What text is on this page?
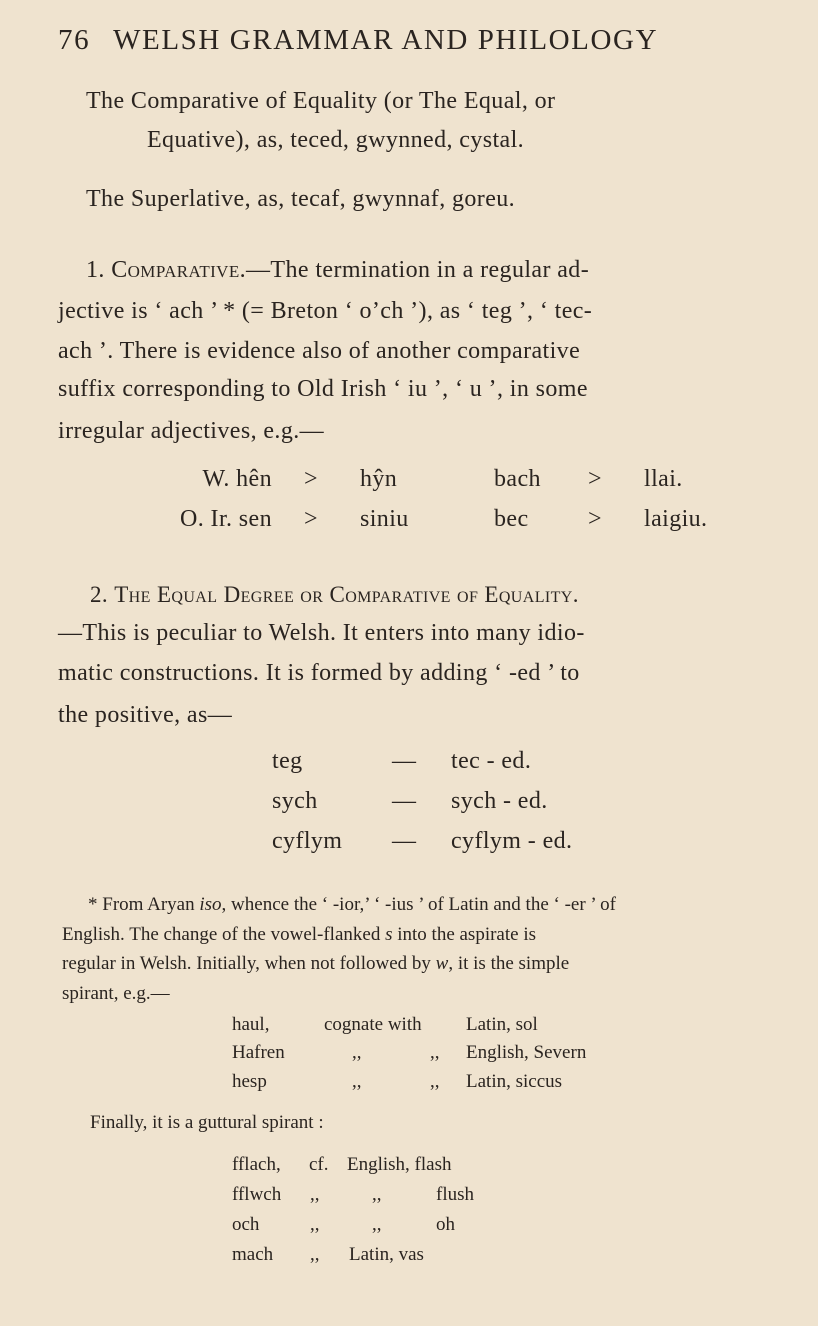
76 WELSH GRAMMAR AND PHILOLOGY
The Comparative of Equality (or The Equal, or
Equative), as, teced, gwynned, cystal.
The Superlative, as, tecaf, gwynnaf, goreu.
1. Comparative.—The termination in a regular ad-
jective is ‘ ach ’ * (= Breton ‘ o’ch ’), as ‘ teg ’, ‘ tec-
ach ’. There is evidence also of another comparative
suffix corresponding to Old Irish ‘ iu ’, ‘ u ’, in some
irregular adjectives, e.g.—
W. hên > hŷn	bach > llai.
O. Ir. sen > siniu	bec > laigiu.
2. The Equal Degree or Comparative of Equality.
—This is peculiar to Welsh. It enters into many idio-
matic constructions. It is formed by adding ‘ -ed ’ to
the positive, as—
teg	— tec - ed.
sych	— sych - ed.
cyflym — cyflym - ed.
* From Aryan iso, whence the ‘ -ior,’ ‘ -ius ’ of Latin and the ‘ -er ’ of
English. The change of the vowel-flanked s into the aspirate is
regular in Welsh. Initially, when not followed by w, it is the simple
spirant, e.g.—
haul,	cognate with Latin, sol
Hafren	,,	,, English, Severn
hesp	,,	,, Latin, siccus
Finally, it is a guttural spirant :
fflach, cf. English, flash
fflwch ,,	,,	flush
och	,,	,,	oh
mach ,, Latin, vas
